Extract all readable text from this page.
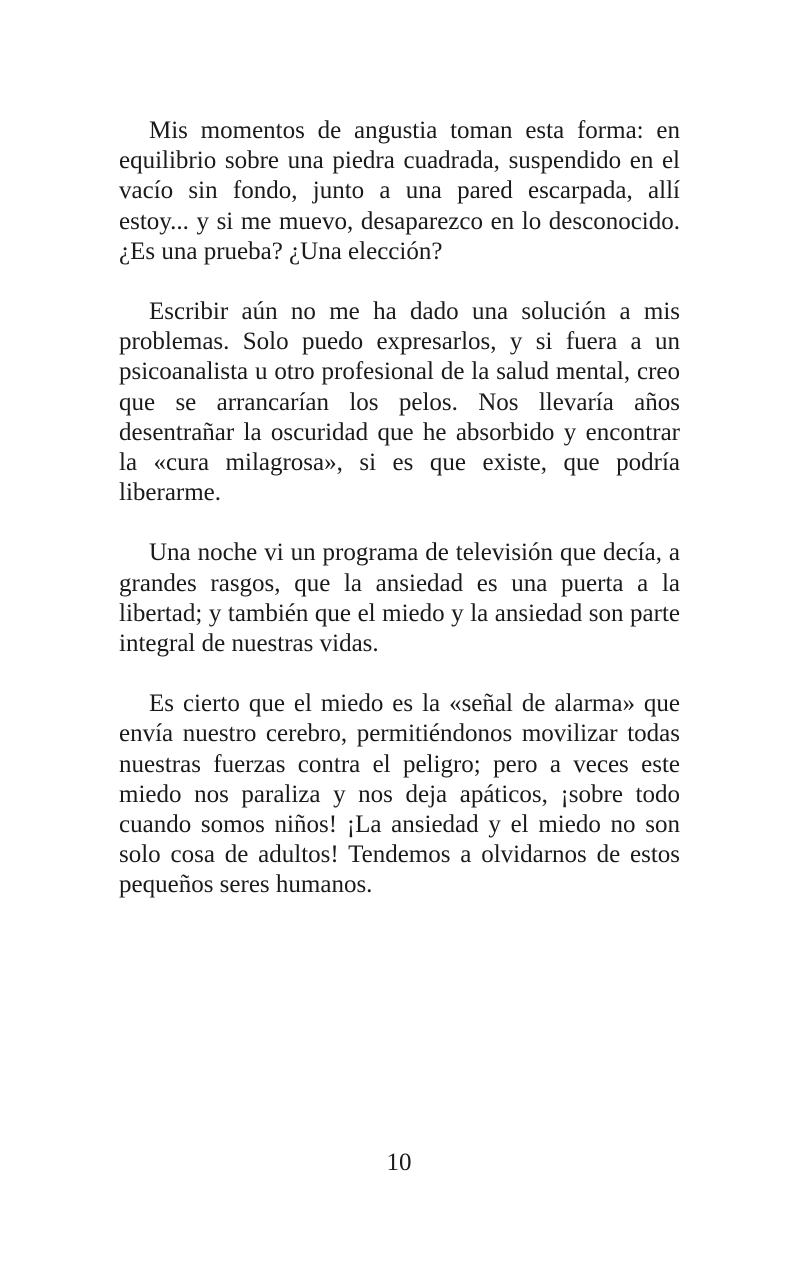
Mis momentos de angustia toman esta forma: en equilibrio sobre una piedra cuadrada, suspendido en el vacío sin fondo, junto a una pared escarpada, allí estoy... y si me muevo, desaparezco en lo desconocido. ¿Es una prueba? ¿Una elección?

Escribir aún no me ha dado una solución a mis problemas. Solo puedo expresarlos, y si fuera a un psicoanalista u otro profesional de la salud mental, creo que se arrancarían los pelos. Nos llevaría años desentrañar la oscuridad que he absorbido y encontrar la «cura milagrosa», si es que existe, que podría liberarme.

Una noche vi un programa de televisión que decía, a grandes rasgos, que la ansiedad es una puerta a la libertad; y también que el miedo y la ansiedad son parte integral de nuestras vidas.

Es cierto que el miedo es la «señal de alarma» que envía nuestro cerebro, permitiéndonos movilizar todas nuestras fuerzas contra el peligro; pero a veces este miedo nos paraliza y nos deja apáticos, ¡sobre todo cuando somos niños! ¡La ansiedad y el miedo no son solo cosa de adultos! Tendemos a olvidarnos de estos pequeños seres humanos.

10
